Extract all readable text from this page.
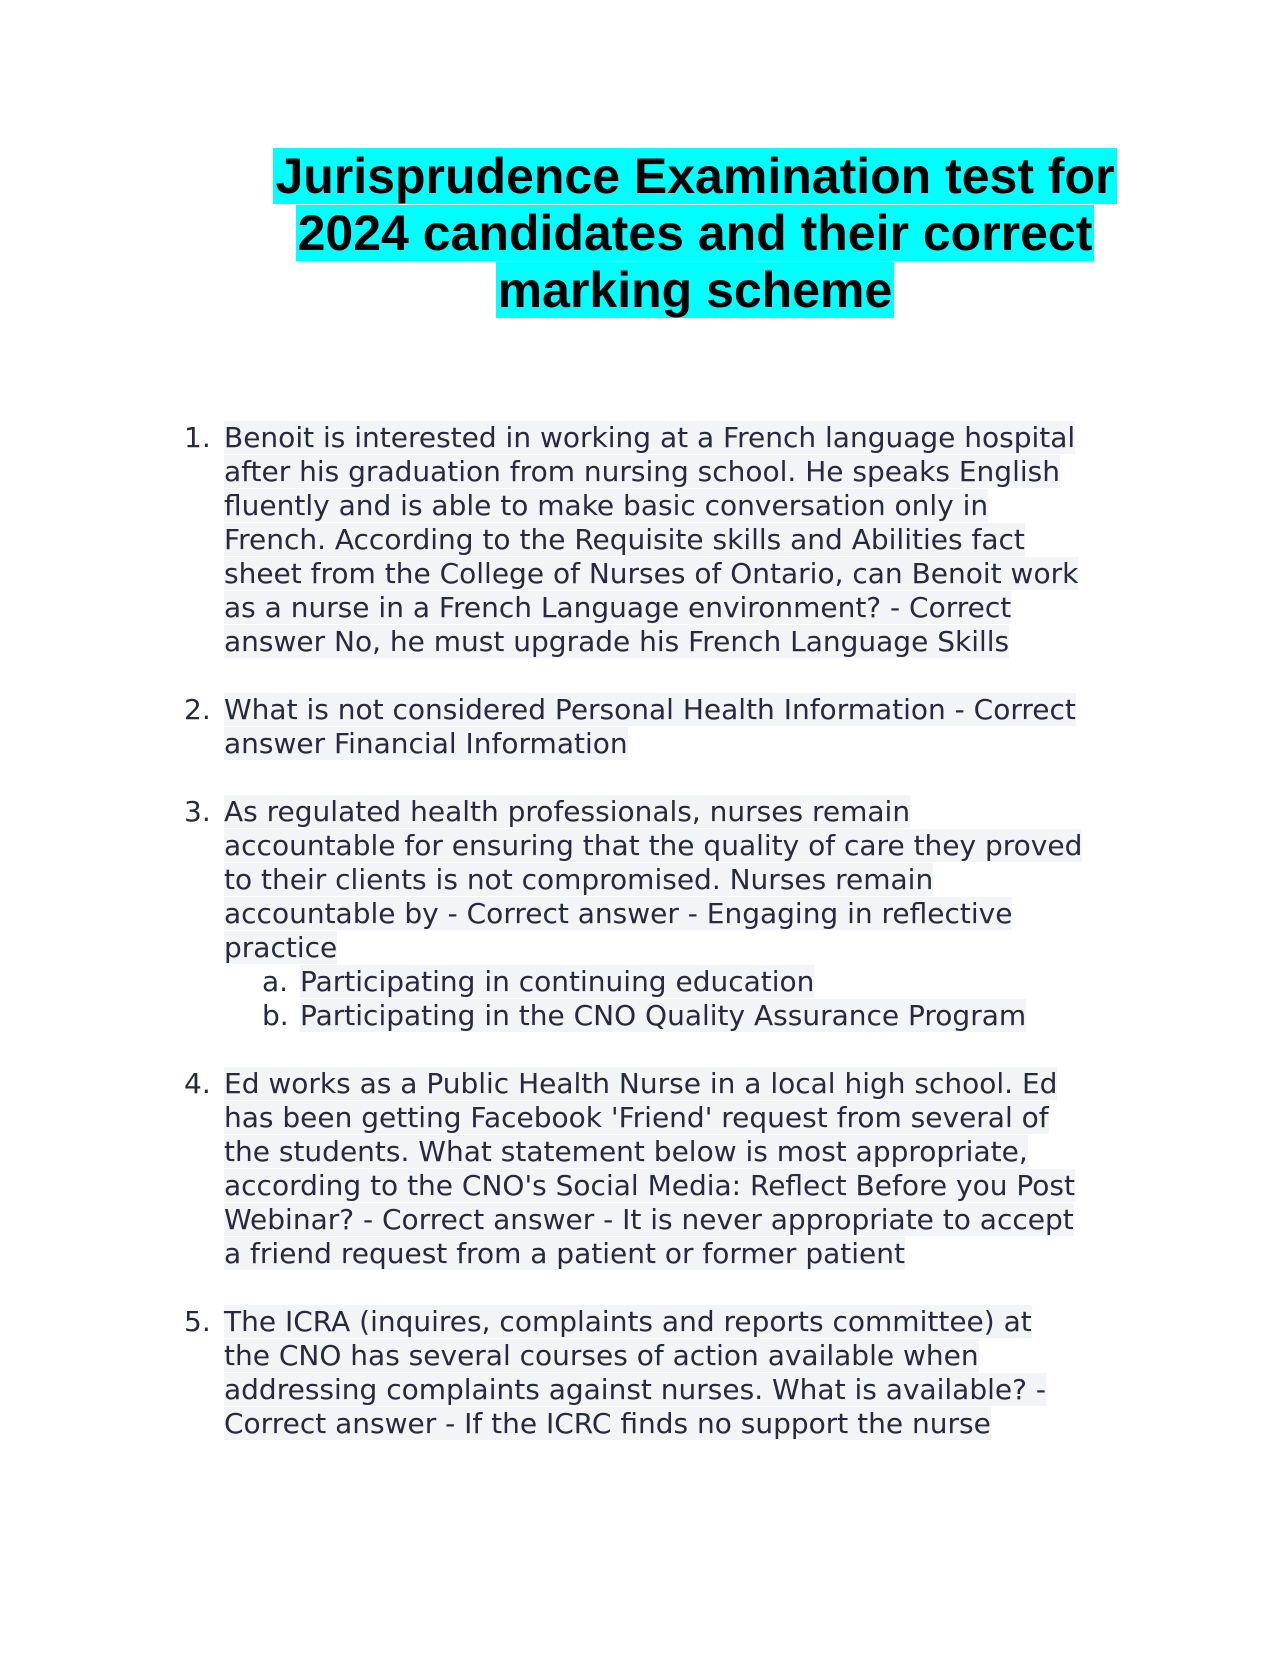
Jurisprudence Examination test for
2024 candidates and their correct
marking scheme
1. Benoit is interested in working at a French language hospital
after his graduation from nursing school. He speaks English
fluently and is able to make basic conversation only in
French. According to the Requisite skills and Abilities fact
sheet from the College of Nurses of Ontario, can Benoit work
as a nurse in a French Language environment? - Correct
answer No, he must upgrade his French Language Skills
2. What is not considered Personal Health Information - Correct
answer Financial Information
3. As regulated health professionals, nurses remain
accountable for ensuring that the quality of care they proved
to their clients is not compromised. Nurses remain
accountable by - Correct answer - Engaging in reflective
practice
a. Participating in continuing education
b. Participating in the CNO Quality Assurance Program
4. Ed works as a Public Health Nurse in a local high school. Ed
has been getting Facebook 'Friend' request from several of
the students. What statement below is most appropriate,
according to the CNO's Social Media: Reflect Before you Post
Webinar? - Correct answer - It is never appropriate to accept
a friend request from a patient or former patient
5. The ICRA (inquires, complaints and reports committee) at
the CNO has several courses of action available when
addressing complaints against nurses. What is available? -
Correct answer - If the ICRC finds no support the nurse
